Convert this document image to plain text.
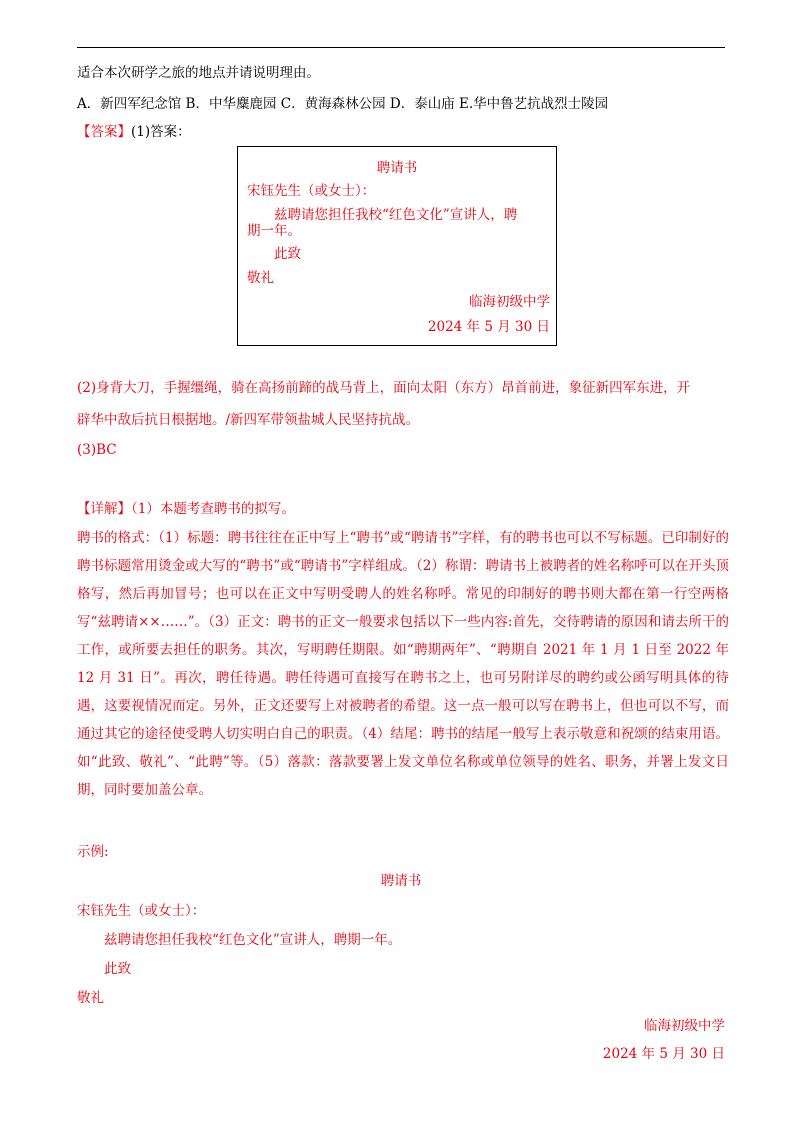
适合本次研学之旅的地点并请说明理由。
A．新四军纪念馆 B．中华麋鹿园 C．黄海森林公园 D．泰山庙 E.华中鲁艺抗战烈士陵园
【答案】(1)答案：
聘请书
宋钰先生（或女士）：
兹聘请您担任我校“红色文化”宣讲人，聘
期一年。
此致
敬礼
临海初级中学
2024 年 5 月 30 日
(2)身背大刀，手握缰绳，骑在高扬前蹄的战马背上，面向太阳（东方）昂首前进，象征新四军东进，开
辟华中敌后抗日根据地。/新四军带领盐城人民坚持抗战。
(3)BC
【详解】（1）本题考查聘书的拟写。
聘书的格式：（1）标题：聘书往往在正中写上“聘书”或“聘请书”字样，有的聘书也可以不写标题。已印制好的聘书标题常用烫金或大写的“聘书”或“聘请书”字样组成。（2）称谓：聘请书上被聘者的姓名称呼可以在开头顶格写，然后再加冒号；也可以在正文中写明受聘人的姓名称呼。常见的印制好的聘书则大都在第一行空两格写“兹聘请××……”。（3）正文：聘书的正文一般要求包括以下一些内容:首先，交待聘请的原因和请去所干的工作，或所要去担任的职务。其次，写明聘任期限。如“聘期两年”、“聘期自 2021 年 1 月 1 日至 2022 年 12 月 31 日”。再次，聘任待遇。聘任待遇可直接写在聘书之上，也可另附详尽的聘约或公函写明具体的待遇，这要视情况而定。另外，正文还要写上对被聘者的希望。这一点一般可以写在聘书上，但也可以不写，而通过其它的途径使受聘人切实明白自己的职责。（4）结尾：聘书的结尾一般写上表示敬意和祝颂的结束用语。如“此致、敬礼”、“此聘”等。（5）落款：落款要署上发文单位名称或单位领导的姓名、职务，并署上发文日期，同时要加盖公章。
示例:
聘请书
宋钰先生（或女士）：
兹聘请您担任我校“红色文化”宣讲人，聘期一年。
此致
敬礼
临海初级中学
2024 年 5 月 30 日
